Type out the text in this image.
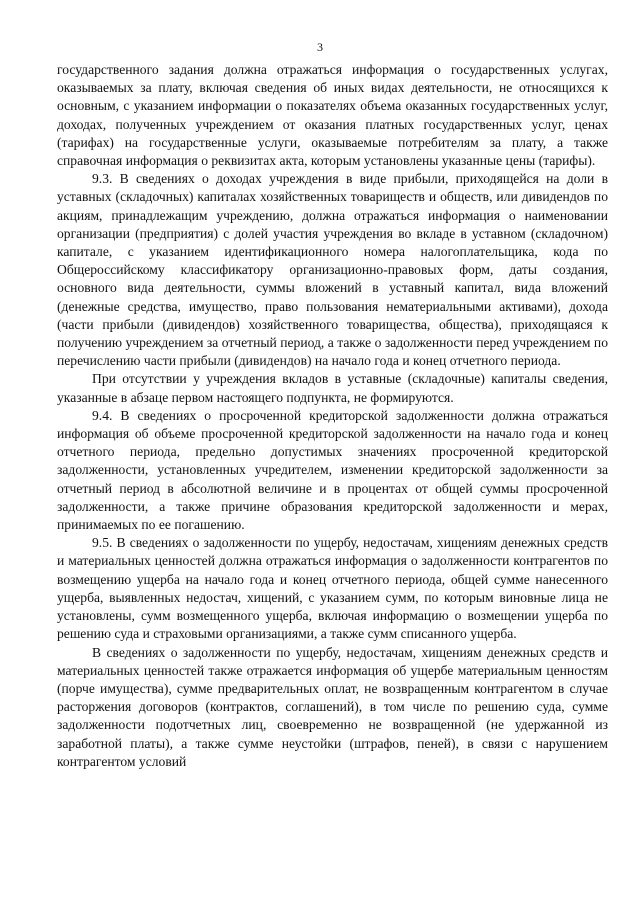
3

государственного задания должна отражаться информация о государственных услугах, оказываемых за плату, включая сведения об иных видах деятельности, не относящихся к основным, с указанием информации о показателях объема оказанных государственных услуг, доходах, полученных учреждением от оказания платных государственных услуг, ценах (тарифах) на государственные услуги, оказываемые потребителям за плату, а также справочная информация о реквизитах акта, которым установлены указанные цены (тарифы).

9.3. В сведениях о доходах учреждения в виде прибыли, приходящейся на доли в уставных (складочных) капиталах хозяйственных товариществ и обществ, или дивидендов по акциям, принадлежащим учреждению, должна отражаться информация о наименовании организации (предприятия) с долей участия учреждения во вкладе в уставном (складочном) капитале, с указанием идентификационного номера налогоплательщика, кода по Общероссийскому классификатору организационно-правовых форм, даты создания, основного вида деятельности, суммы вложений в уставный капитал, вида вложений (денежные средства, имущество, право пользования нематериальными активами), дохода (части прибыли (дивидендов) хозяйственного товарищества, общества), приходящаяся к получению учреждением за отчетный период, а также о задолженности перед учреждением по перечислению части прибыли (дивидендов) на начало года и конец отчетного периода.

При отсутствии у учреждения вкладов в уставные (складочные) капиталы сведения, указанные в абзаце первом настоящего подпункта, не формируются.

9.4. В сведениях о просроченной кредиторской задолженности должна отражаться информация об объеме просроченной кредиторской задолженности на начало года и конец отчетного периода, предельно допустимых значениях просроченной кредиторской задолженности, установленных учредителем, изменении кредиторской задолженности за отчетный период в абсолютной величине и в процентах от общей суммы просроченной задолженности, а также причине образования кредиторской задолженности и мерах, принимаемых по ее погашению.

9.5. В сведениях о задолженности по ущербу, недостачам, хищениям денежных средств и материальных ценностей должна отражаться информация о задолженности контрагентов по возмещению ущерба на начало года и конец отчетного периода, общей сумме нанесенного ущерба, выявленных недостач, хищений, с указанием сумм, по которым виновные лица не установлены, сумм возмещенного ущерба, включая информацию о возмещении ущерба по решению суда и страховыми организациями, а также сумм списанного ущерба.

В сведениях о задолженности по ущербу, недостачам, хищениям денежных средств и материальных ценностей также отражается информация об ущербе материальным ценностям (порче имущества), сумме предварительных оплат, не возвращенным контрагентом в случае расторжения договоров (контрактов, соглашений), в том числе по решению суда, сумме задолженности подотчетных лиц, своевременно не возвращенной (не удержанной из заработной платы), а также сумме неустойки (штрафов, пеней), в связи с нарушением контрагентом условий
